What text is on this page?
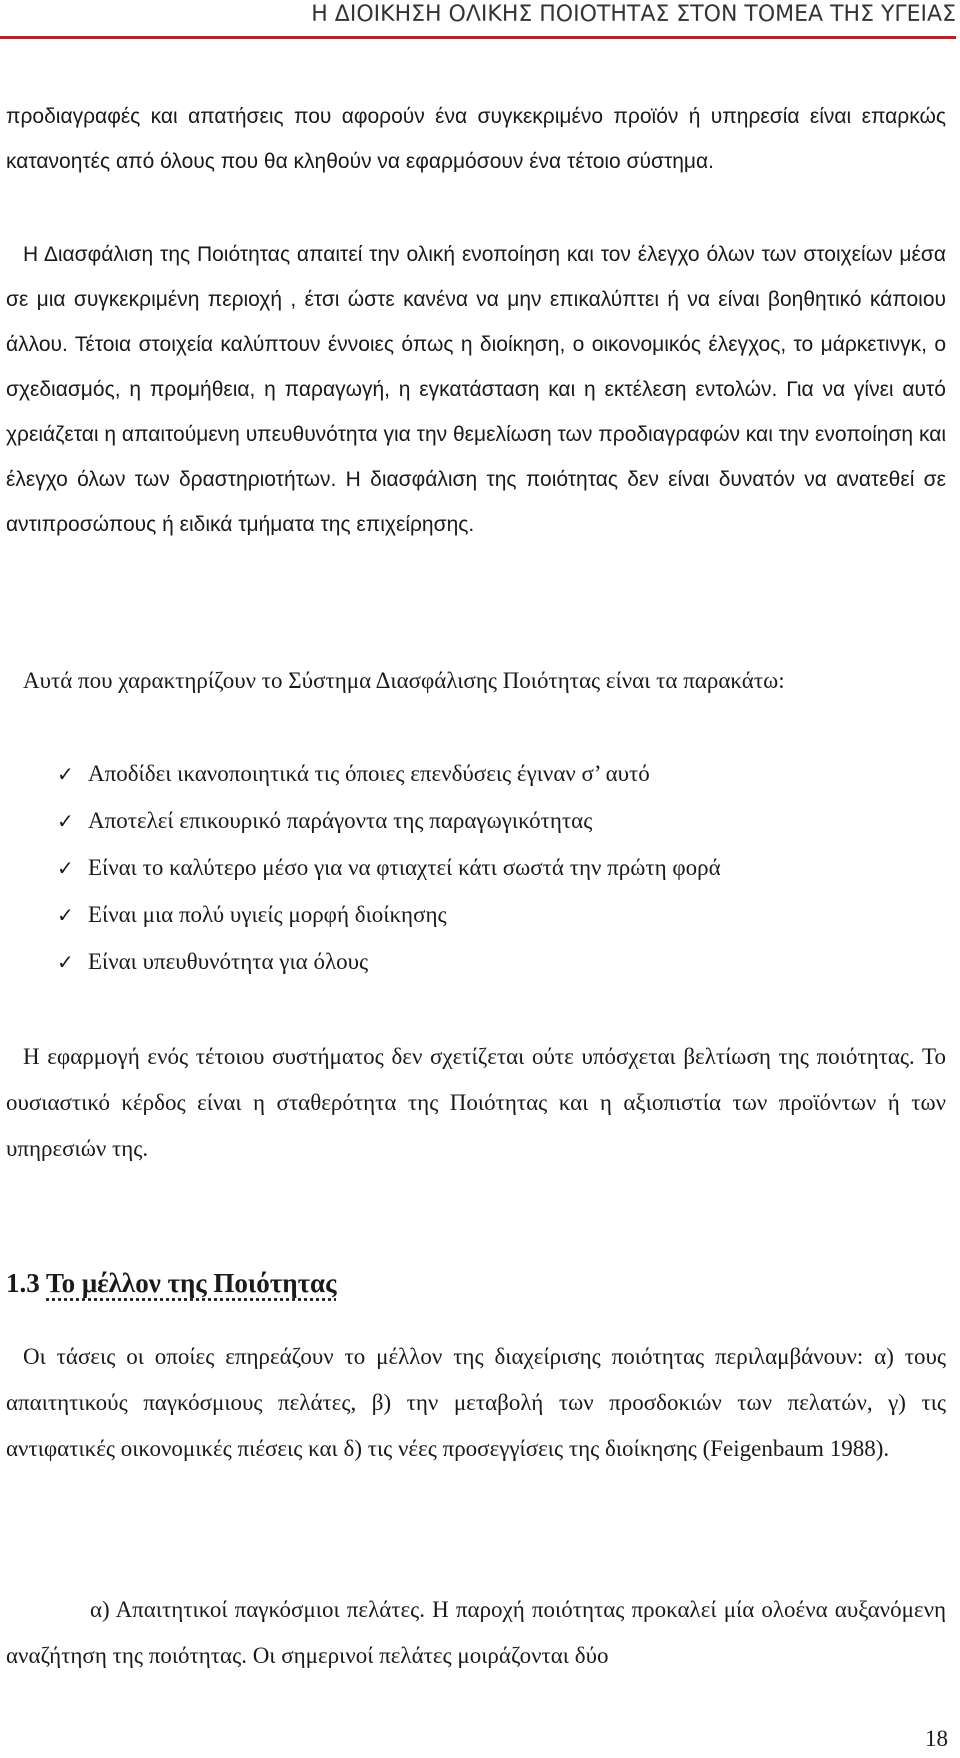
Η ΔΙΟΙΚΗΣΗ ΟΛΙΚΗΣ ΠΟΙΟΤΗΤΑΣ ΣΤΟΝ ΤΟΜΕΑ ΤΗΣ ΥΓΕΙΑΣ

προδιαγραφές και απατήσεις που αφορούν ένα συγκεκριμένο προϊόν ή υπηρεσία είναι επαρκώς κατανοητές από όλους που θα κληθούν να εφαρμόσουν ένα τέτοιο σύστημα.

Η Διασφάλιση της Ποιότητας απαιτεί την ολική ενοποίηση και τον έλεγχο όλων των στοιχείων μέσα σε μια συγκεκριμένη περιοχή , έτσι ώστε κανένα να μην επικαλύπτει ή να είναι βοηθητικό κάποιου άλλου. Τέτοια στοιχεία καλύπτουν έννοιες όπως η διοίκηση, ο οικονομικός έλεγχος, το μάρκετινγκ, ο σχεδιασμός, η προμήθεια, η παραγωγή, η εγκατάσταση και η εκτέλεση εντολών. Για να γίνει αυτό χρειάζεται η απαιτούμενη υπευθυνότητα για την θεμελίωση των προδιαγραφών και την ενοποίηση και έλεγχο όλων των δραστηριοτήτων. Η διασφάλιση της ποιότητας δεν είναι δυνατόν να ανατεθεί σε αντιπροσώπους ή ειδικά τμήματα της επιχείρησης.

Αυτά που χαρακτηρίζουν το Σύστημα Διασφάλισης Ποιότητας είναι τα παρακάτω:

✓ Αποδίδει ικανοποιητικά τις όποιες επενδύσεις έγιναν σ’ αυτό
✓ Αποτελεί επικουρικό παράγοντα της παραγωγικότητας
✓ Είναι το καλύτερο μέσο για να φτιαχτεί κάτι σωστά την πρώτη φορά
✓ Είναι μια πολύ υγιείς μορφή διοίκησης
✓ Είναι υπευθυνότητα για όλους

Η εφαρμογή ενός τέτοιου συστήματος δεν σχετίζεται ούτε υπόσχεται βελτίωση της ποιότητας. Το ουσιαστικό κέρδος είναι η σταθερότητα της Ποιότητας και η αξιοπιστία των προϊόντων ή των υπηρεσιών της.

1.3 Το μέλλον της Ποιότητας

Οι τάσεις οι οποίες επηρεάζουν το μέλλον της διαχείρισης ποιότητας περιλαμβάνουν: α) τους απαιτητικούς παγκόσμιους πελάτες, β) την μεταβολή των προσδοκιών των πελατών, γ) τις αντιφατικές οικονομικές πιέσεις και δ) τις νέες προσεγγίσεις της διοίκησης (Feigenbaum 1988).

α) Απαιτητικοί παγκόσμιοι πελάτες. Η παροχή ποιότητας προκαλεί μία ολοένα αυξανόμενη αναζήτηση της ποιότητας. Οι σημερινοί πελάτες μοιράζονται δύο

18
